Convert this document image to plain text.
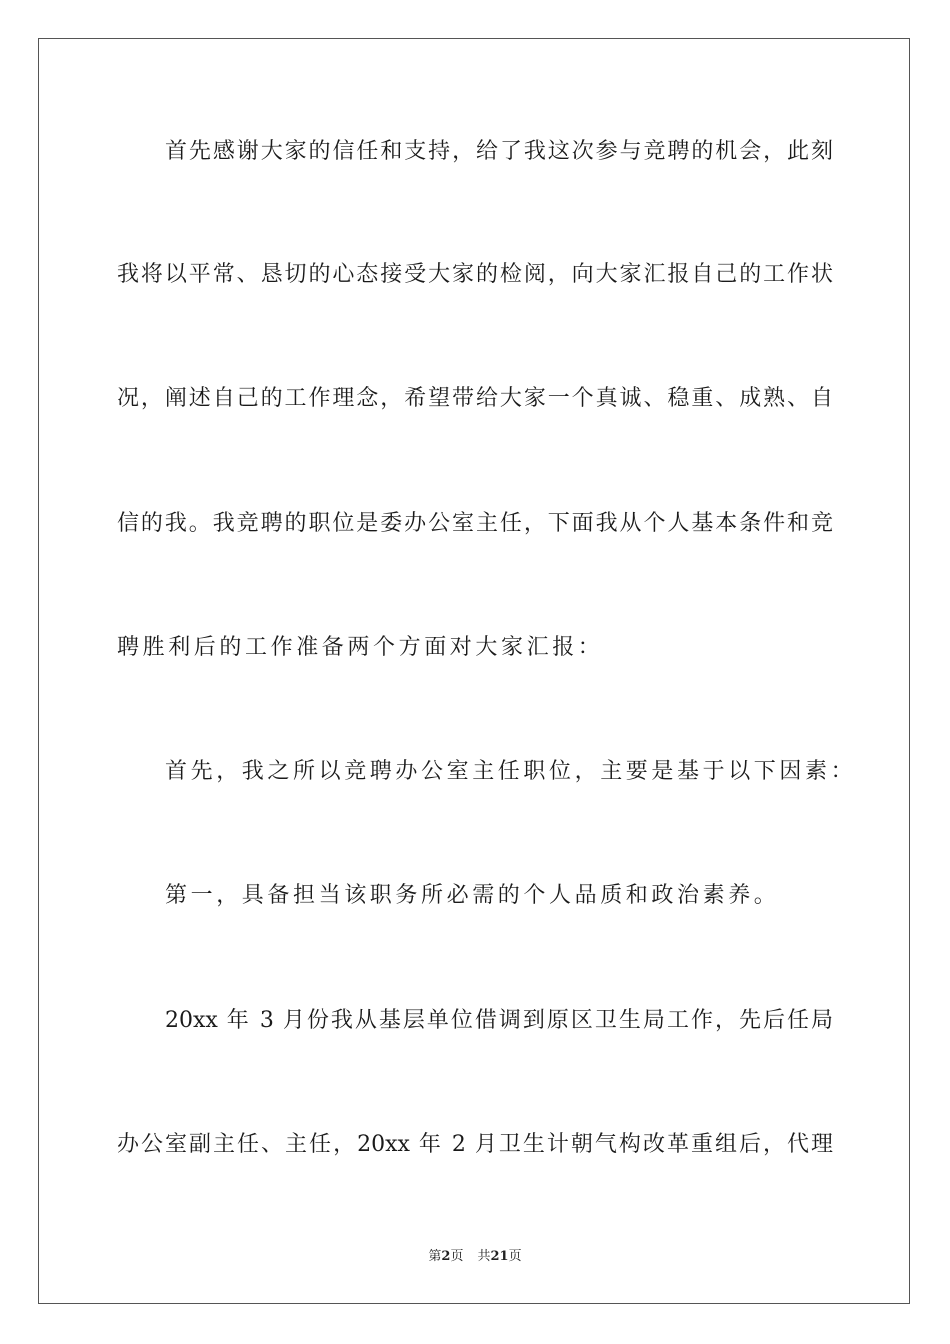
首先感谢大家的信任和支持，给了我这次参与竞聘的机会，此刻
我将以平常、恳切的心态接受大家的检阅，向大家汇报自己的工作状
况，阐述自己的工作理念，希望带给大家一个真诚、稳重、成熟、自
信的我。我竞聘的职位是委办公室主任，下面我从个人基本条件和竞
聘胜利后的工作准备两个方面对大家汇报：
首先，我之所以竞聘办公室主任职位，主要是基于以下因素：
第一，具备担当该职务所必需的个人品质和政治素养。
20xx 年 3 月份我从基层单位借调到原区卫生局工作，先后任局
办公室副主任、主任，20xx 年 2 月卫生计朝气构改革重组后，代理
第2页 共21页
